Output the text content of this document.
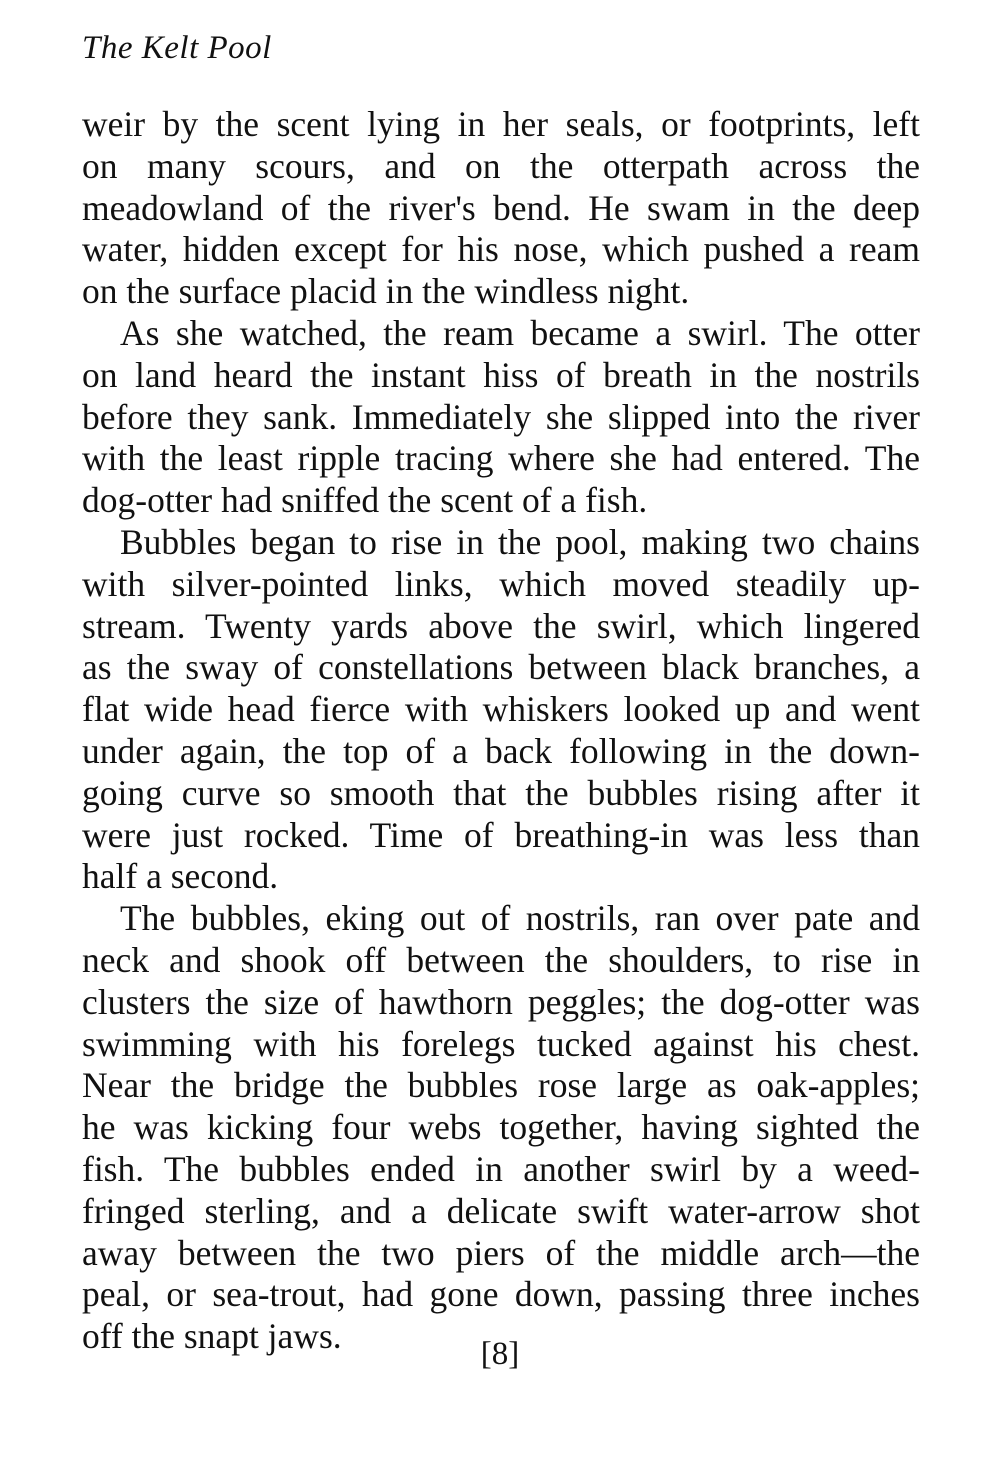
The Kelt Pool
weir by the scent lying in her seals, or footprints, left
on many scours, and on the otterpath across the
meadowland of the river's bend. He swam in the deep
water, hidden except for his nose, which pushed a ream
on the surface placid in the windless night.
As she watched, the ream became a swirl. The otter
on land heard the instant hiss of breath in the nostrils
before they sank. Immediately she slipped into the river
with the least ripple tracing where she had entered. The
dog-otter had sniffed the scent of a fish.
Bubbles began to rise in the pool, making two chains
with silver-pointed links, which moved steadily up-
stream. Twenty yards above the swirl, which lingered
as the sway of constellations between black branches, a
flat wide head fierce with whiskers looked up and went
under again, the top of a back following in the down-
going curve so smooth that the bubbles rising after it
were just rocked. Time of breathing-in was less than
half a second.
The bubbles, eking out of nostrils, ran over pate and
neck and shook off between the shoulders, to rise in
clusters the size of hawthorn peggles; the dog-otter was
swimming with his forelegs tucked against his chest.
Near the bridge the bubbles rose large as oak-apples;
he was kicking four webs together, having sighted the
fish. The bubbles ended in another swirl by a weed-
fringed sterling, and a delicate swift water-arrow shot
away between the two piers of the middle arch—the
peal, or sea-trout, had gone down, passing three inches
off the snapt jaws.	[8]
